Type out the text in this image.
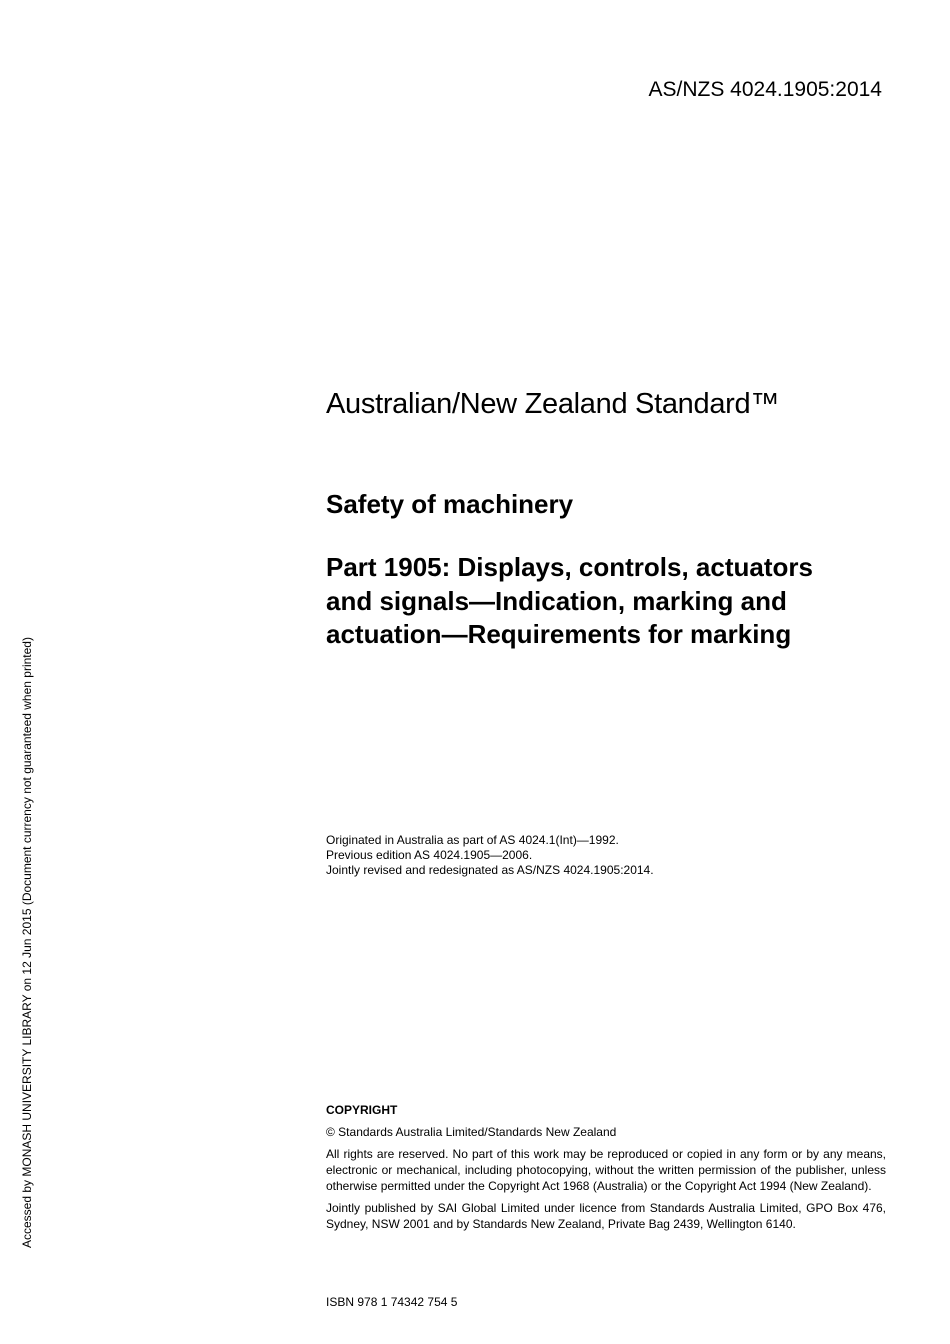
AS/NZS 4024.1905:2014
Accessed by MONASH UNIVERSITY LIBRARY on 12 Jun 2015 (Document currency not guaranteed when printed)
Australian/New Zealand Standard™
Safety of machinery
Part 1905: Displays, controls, actuators
and signals—Indication, marking and
actuation—Requirements for marking
Originated in Australia as part of AS 4024.1(Int)—1992.
Previous edition AS 4024.1905—2006.
Jointly revised and redesignated as AS/NZS 4024.1905:2014.
COPYRIGHT
© Standards Australia Limited/Standards New Zealand

All rights are reserved. No part of this work may be reproduced or copied in any form or by any means, electronic or mechanical, including photocopying, without the written permission of the publisher, unless otherwise permitted under the Copyright Act 1968 (Australia) or the Copyright Act 1994 (New Zealand).

Jointly published by SAI Global Limited under licence from Standards Australia Limited, GPO Box 476, Sydney, NSW 2001 and by Standards New Zealand, Private Bag 2439, Wellington 6140.

ISBN 978 1 74342 754 5
